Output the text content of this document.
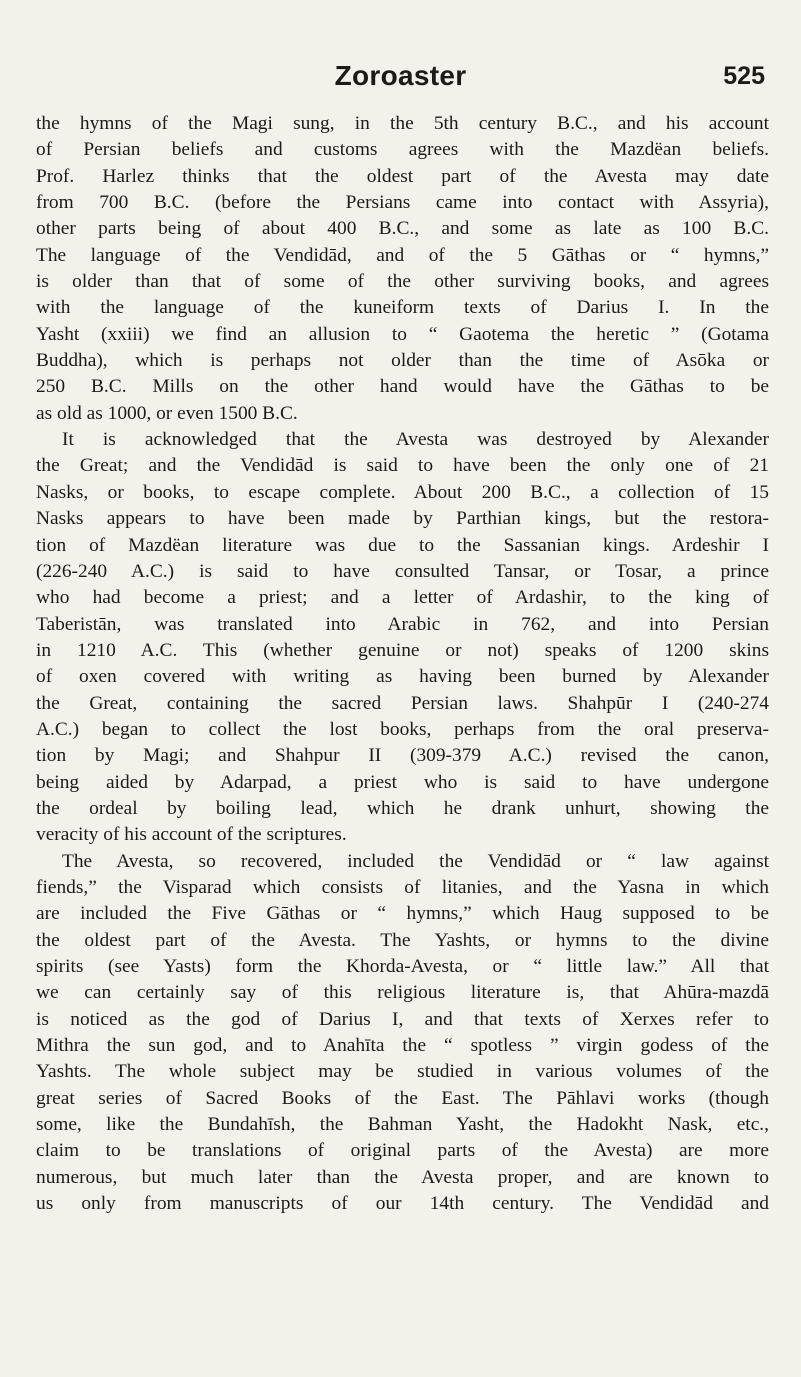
Zoroaster	525
the hymns of the Magi sung, in the 5th century B.C., and his account
of Persian beliefs and customs agrees with the Mazdëan beliefs.
Prof. Harlez thinks that the oldest part of the Avesta may date
from 700 B.C. (before the Persians came into contact with Assyria),
other parts being of about 400 B.C., and some as late as 100 B.C.
The language of the Vendidād, and of the 5 Gāthas or “ hymns,”
is older than that of some of the other surviving books, and agrees
with the language of the kuneiform texts of Darius I. In the
Yasht (xxiii) we find an allusion to “ Gaotema the heretic ” (Gotama
Buddha), which is perhaps not older than the time of Asōka or
250 B.C. Mills on the other hand would have the Gāthas to be
as old as 1000, or even 1500 B.C.
It is acknowledged that the Avesta was destroyed by Alexander
the Great; and the Vendidād is said to have been the only one of 21
Nasks, or books, to escape complete. About 200 B.C., a collection of 15
Nasks appears to have been made by Parthian kings, but the restora-
tion of Mazdëan literature was due to the Sassanian kings. Ardeshir I
(226-240 A.C.) is said to have consulted Tansar, or Tosar, a prince
who had become a priest; and a letter of Ardashir, to the king of
Taberistān, was translated into Arabic in 762, and into Persian
in 1210 A.C. This (whether genuine or not) speaks of 1200 skins
of oxen covered with writing as having been burned by Alexander
the Great, containing the sacred Persian laws. Shahpūr I (240-274
A.C.) began to collect the lost books, perhaps from the oral preserva-
tion by Magi; and Shahpur II (309-379 A.C.) revised the canon,
being aided by Adarpad, a priest who is said to have undergone
the ordeal by boiling lead, which he drank unhurt, showing the
veracity of his account of the scriptures.
The Avesta, so recovered, included the Vendidād or “ law against
fiends,” the Visparad which consists of litanies, and the Yasna in which
are included the Five Gāthas or “ hymns,” which Haug supposed to be
the oldest part of the Avesta. The Yashts, or hymns to the divine
spirits (see Yasts) form the Khorda-Avesta, or “ little law.” All that
we can certainly say of this religious literature is, that Ahūra-mazdā
is noticed as the god of Darius I, and that texts of Xerxes refer to
Mithra the sun god, and to Anahīta the “ spotless ” virgin godess of the
Yashts. The whole subject may be studied in various volumes of the
great series of Sacred Books of the East. The Pāhlavi works (though
some, like the Bundahīsh, the Bahman Yasht, the Hadokht Nask, etc.,
claim to be translations of original parts of the Avesta) are more
numerous, but much later than the Avesta proper, and are known to
us only from manuscripts of our 14th century. The Vendidād and
